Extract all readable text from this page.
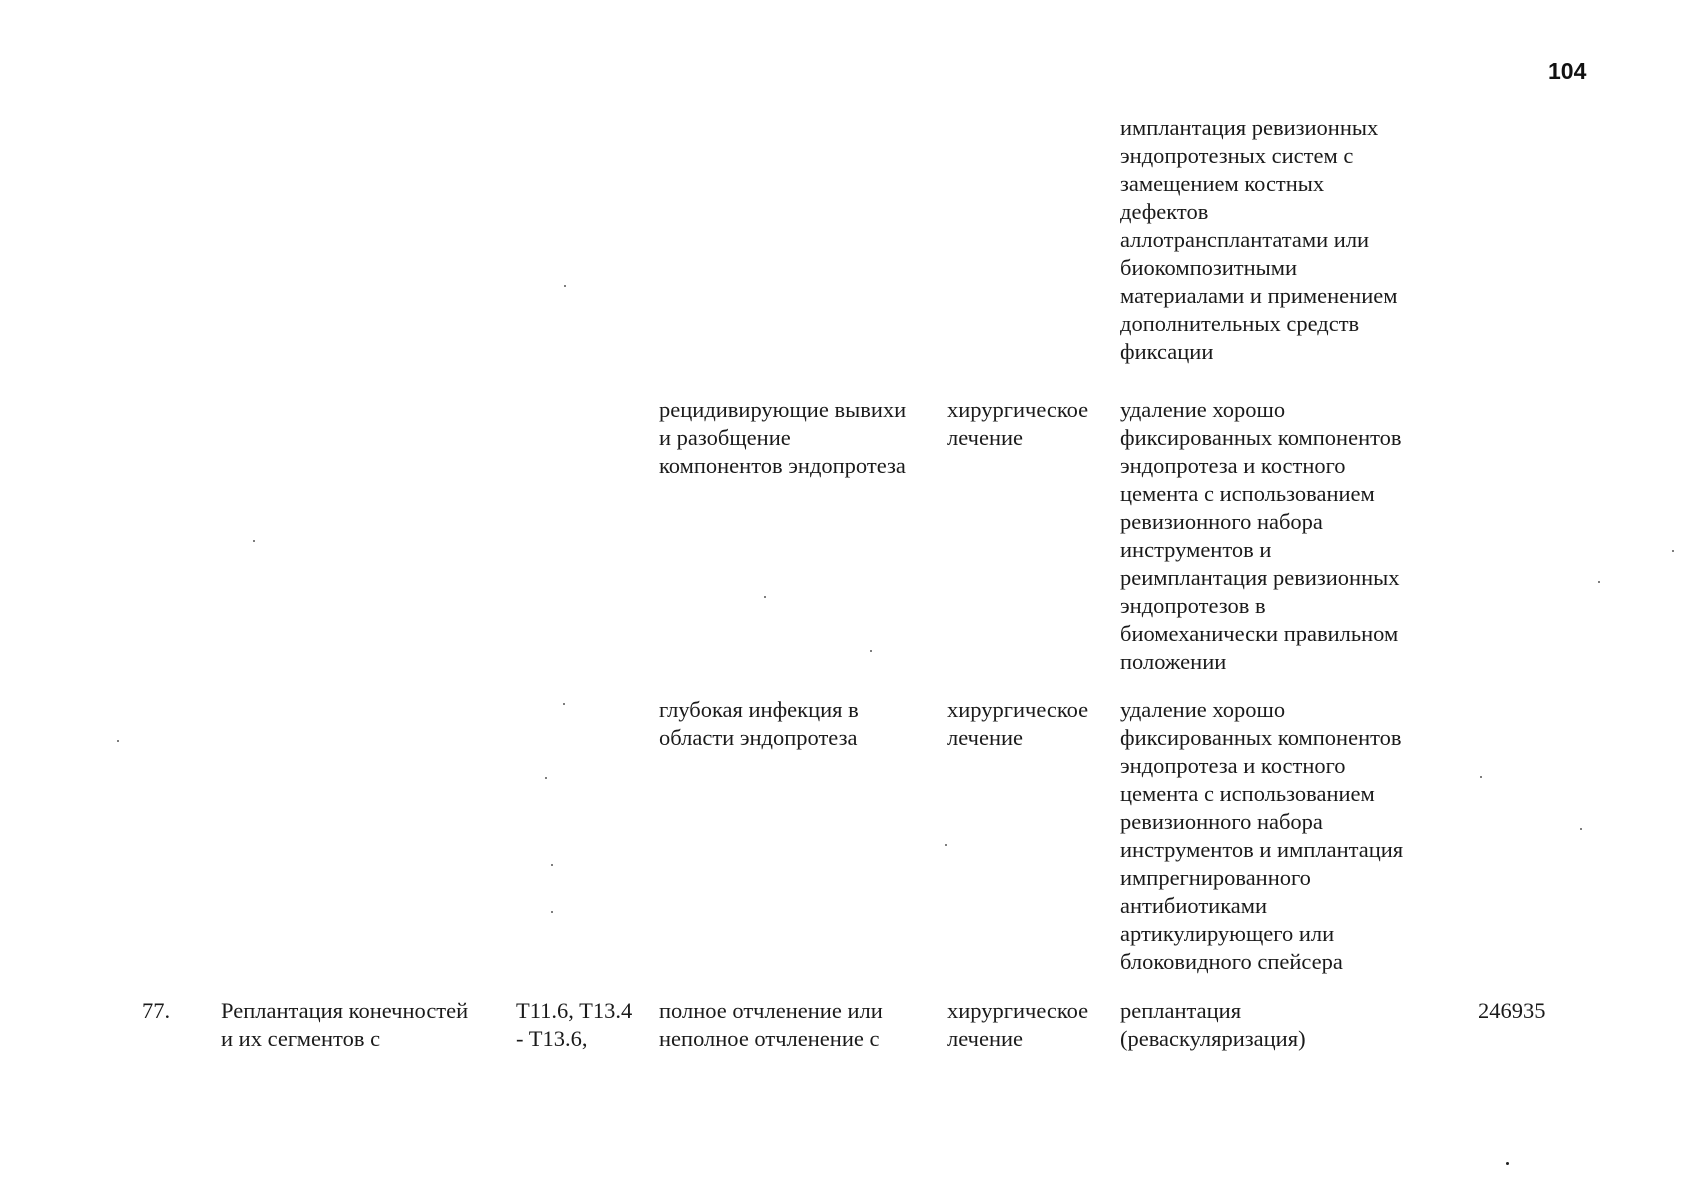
104
имплантация ревизионных
эндопротезных систем с
замещением костных
дефектов
аллотрансплантатами или
биокомпозитными
материалами и применением
дополнительных средств
фиксации
рецидивирующие вывихи
и разобщение
компонентов эндопротеза
хирургическое
лечение
удаление хорошо
фиксированных компонентов
эндопротеза и костного
цемента с использованием
ревизионного набора
инструментов и
реимплантация ревизионных
эндопротезов в
биомеханически правильном
положении
глубокая инфекция в
области эндопротеза
хирургическое
лечение
удаление хорошо
фиксированных компонентов
эндопротеза и костного
цемента с использованием
ревизионного набора
инструментов и имплантация
импрегнированного
антибиотиками
артикулирующего или
блоковидного спейсера
77. Реплантация конечностей
и их сегментов с
T11.6, T13.4
- T13.6,
полное отчленение или
неполное отчленение с
хирургическое
лечение
реплантация
(реваскуляризация)
246935
